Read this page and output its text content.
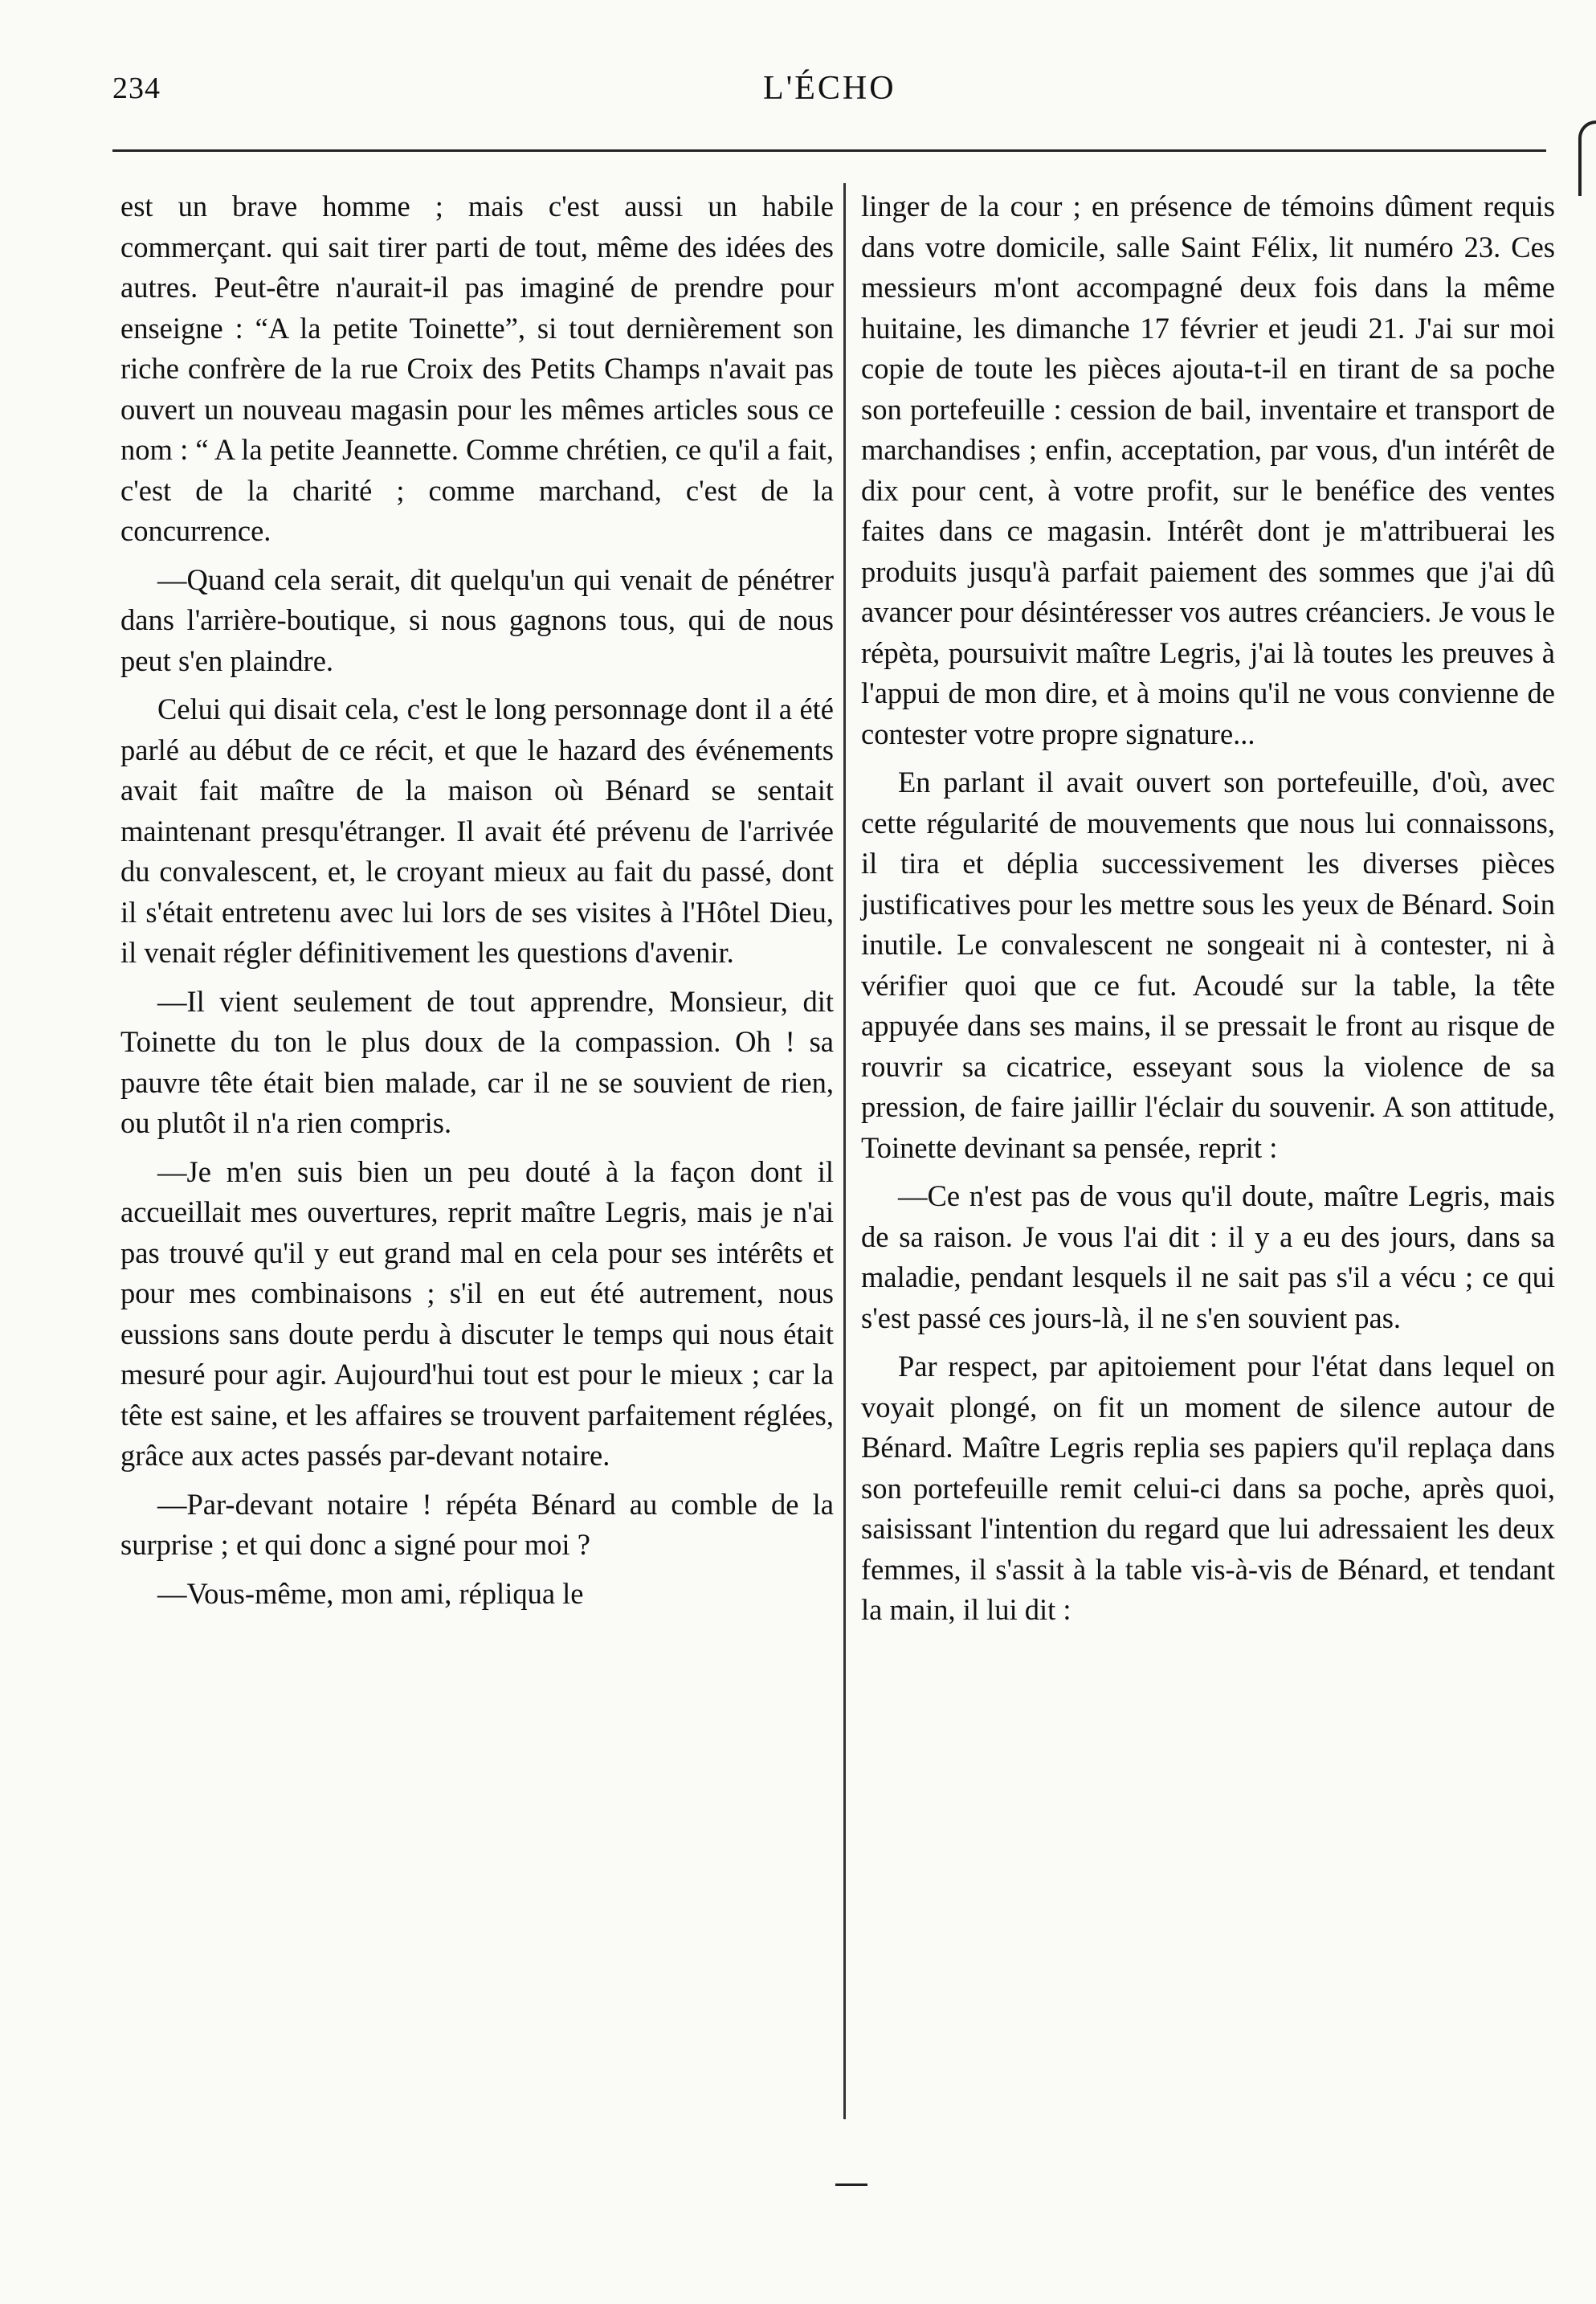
234	L'ÉCHO

est un brave homme ; mais c'est aussi un habile commerçant. qui sait tirer parti de tout, même des idées des autres. Peut-être n'aurait-il pas imaginé de prendre pour enseigne : “A la petite Toinette”, si tout dernièrement son riche confrère de la rue Croix des Petits Champs n'avait pas ouvert un nouveau magasin pour les mêmes articles sous ce nom : “ A la petite Jeannette. Comme chrétien, ce qu'il a fait, c'est de la charité ; comme marchand, c'est de la concurrence.

—Quand cela serait, dit quelqu'un qui venait de pénétrer dans l'arrière-boutique, si nous gagnons tous, qui de nous peut s'en plaindre.

Celui qui disait cela, c'est le long personnage dont il a été parlé au début de ce récit, et que le hazard des événements avait fait maître de la maison où Bénard se sentait maintenant presqu'étranger. Il avait été prévenu de l'arrivée du convalescent, et, le croyant mieux au fait du passé, dont il s'était entretenu avec lui lors de ses visites à l'Hôtel Dieu, il venait régler définitivement les questions d'avenir.

—Il vient seulement de tout apprendre, Monsieur, dit Toinette du ton le plus doux de la compassion. Oh ! sa pauvre tête était bien malade, car il ne se souvient de rien, ou plutôt il n'a rien compris.

—Je m'en suis bien un peu douté à la façon dont il accueillait mes ouvertures, reprit maître Legris, mais je n'ai pas trouvé qu'il y eut grand mal en cela pour ses intérêts et pour mes combinaisons ; s'il en eut été autrement, nous eussions sans doute perdu à discuter le temps qui nous était mesuré pour agir. Aujourd'hui tout est pour le mieux ; car la tête est saine, et les affaires se trouvent parfaitement réglées, grâce aux actes passés par-devant notaire.

—Par-devant notaire ! répéta Bénard au comble de la surprise ; et qui donc a signé pour moi ?

—Vous-même, mon ami, répliqua le

linger de la cour ; en présence de témoins dûment requis dans votre domicile, salle Saint Félix, lit numéro 23. Ces messieurs m'ont accompagné deux fois dans la même huitaine, les dimanche 17 février et jeudi 21. J'ai sur moi copie de toute les pièces ajouta-t-il en tirant de sa poche son portefeuille : cession de bail, inventaire et transport de marchandises ; enfin, acceptation, par vous, d'un intérêt de dix pour cent, à votre profit, sur le benéfice des ventes faites dans ce magasin. Intérêt dont je m'attribuerai les produits jusqu'à parfait paiement des sommes que j'ai dû avancer pour désintéresser vos autres créanciers. Je vous le répèta, poursuivit maître Legris, j'ai là toutes les preuves à l'appui de mon dire, et à moins qu'il ne vous convienne de contester votre propre signature...

En parlant il avait ouvert son portefeuille, d'où, avec cette régularité de mouvements que nous lui connaissons, il tira et déplia successivement les diverses pièces justificatives pour les mettre sous les yeux de Bénard. Soin inutile. Le convalescent ne songeait ni à contester, ni à vérifier quoi que ce fut. Acoudé sur la table, la tête appuyée dans ses mains, il se pressait le front au risque de rouvrir sa cicatrice, esseyant sous la violence de sa pression, de faire jaillir l'éclair du souvenir. A son attitude, Toinette devinant sa pensée, reprit :

—Ce n'est pas de vous qu'il doute, maître Legris, mais de sa raison. Je vous l'ai dit : il y a eu des jours, dans sa maladie, pendant lesquels il ne sait pas s'il a vécu ; ce qui s'est passé ces jours-là, il ne s'en souvient pas.

Par respect, par apitoiement pour l'état dans lequel on voyait plongé, on fit un moment de silence autour de Bénard. Maître Legris replia ses papiers qu'il replaça dans son portefeuille remit celui-ci dans sa poche, après quoi, saisissant l'intention du regard que lui adressaient les deux femmes, il s'assit à la table vis-à-vis de Bénard, et tendant la main, il lui dit :
